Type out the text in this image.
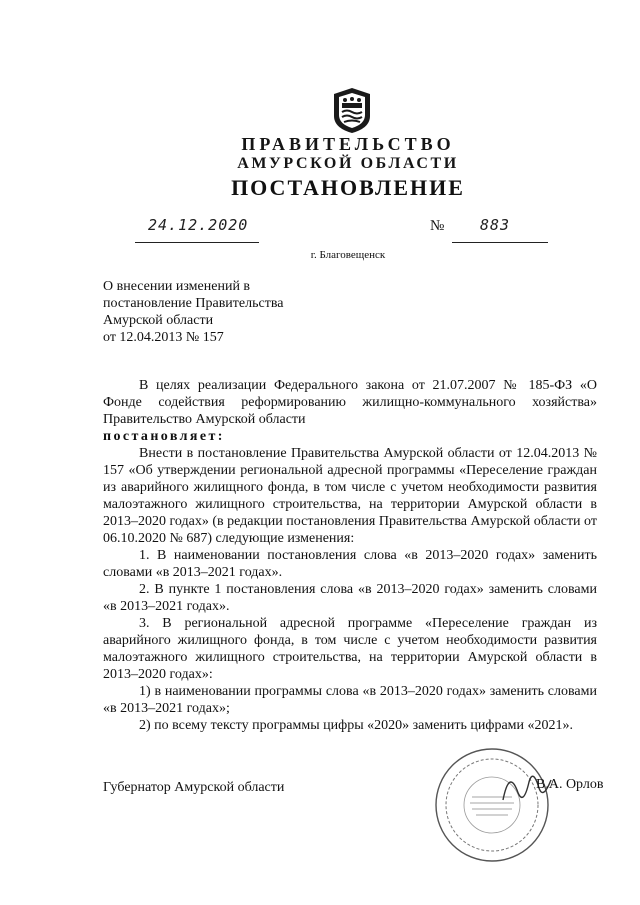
ПРАВИТЕЛЬСТВО
АМУРСКОЙ ОБЛАСТИ
ПОСТАНОВЛЕНИЕ
24.12.2020	№ 883
г. Благовещенск
О внесении изменений в
постановление Правительства
Амурской области
от 12.04.2013 № 157

В целях реализации Федерального закона от 21.07.2007 № 185-ФЗ «О Фонде содействия реформированию жилищно-коммунального хозяйства» Правительство Амурской области

постановляет:

Внести в постановление Правительства Амурской области от 12.04.2013 № 157 «Об утверждении региональной адресной программы «Переселение граждан из аварийного жилищного фонда, в том числе с учетом необходимости развития малоэтажного жилищного строительства, на территории Амурской области в 2013–2020 годах» (в редакции постановления Правительства Амурской области от 06.10.2020 № 687) следующие изменения:

1. В наименовании постановления слова «в 2013–2020 годах» заменить словами «в 2013–2021 годах».

2. В пункте 1 постановления слова «в 2013–2020 годах» заменить словами «в 2013–2021 годах».

3. В региональной адресной программе «Переселение граждан из аварийного жилищного фонда, в том числе с учетом необходимости развития малоэтажного жилищного строительства, на территории Амурской области в 2013–2020 годах»:

1) в наименовании программы слова «в 2013–2020 годах» заменить словами «в 2013–2021 годах»;

2) по всему тексту программы цифры «2020» заменить цифрами «2021».

Губернатор Амурской области	В.А. Орлов
